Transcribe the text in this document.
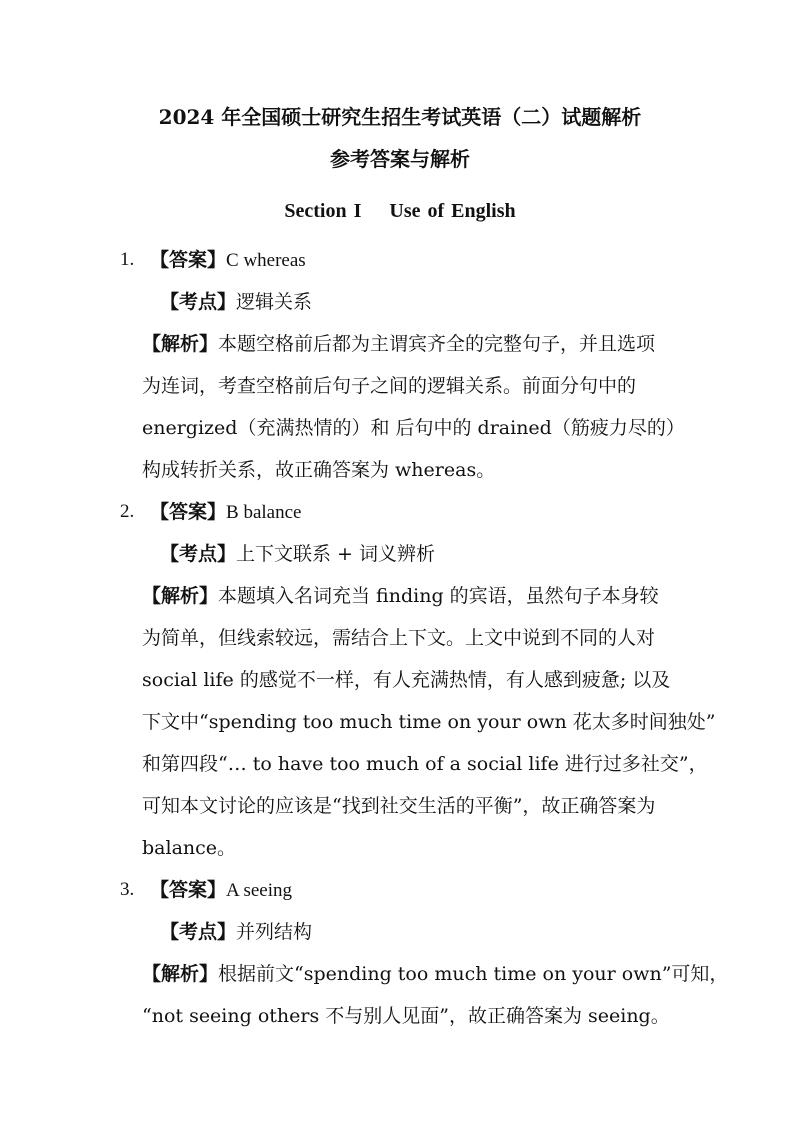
2024 年全国硕士研究生招生考试英语（二）试题解析
参考答案与解析
Section I Use of English
1. 【答案】C whereas
【考点】逻辑关系
【解析】本题空格前后都为主谓宾齐全的完整句子，并且选项
为连词，考查空格前后句子之间的逻辑关系。前面分句中的
energized（充满热情的）和 后句中的 drained（筋疲力尽的）
构成转折关系，故正确答案为 whereas。
2. 【答案】B balance
【考点】上下文联系 + 词义辨析
【解析】本题填入名词充当 finding 的宾语，虽然句子本身较
为简单，但线索较远，需结合上下文。上文中说到不同的人对
social life 的感觉不一样，有人充满热情，有人感到疲惫; 以及
下文中“spending too much time on your own 花太多时间独处”
和第四段“… to have too much of a social life 进行过多社交”，
可知本文讨论的应该是“找到社交生活的平衡”，故正确答案为
balance。
3. 【答案】A seeing
【考点】并列结构
【解析】根据前文“spending too much time on your own”可知，
“not seeing others 不与别人见面”，故正确答案为 seeing。
